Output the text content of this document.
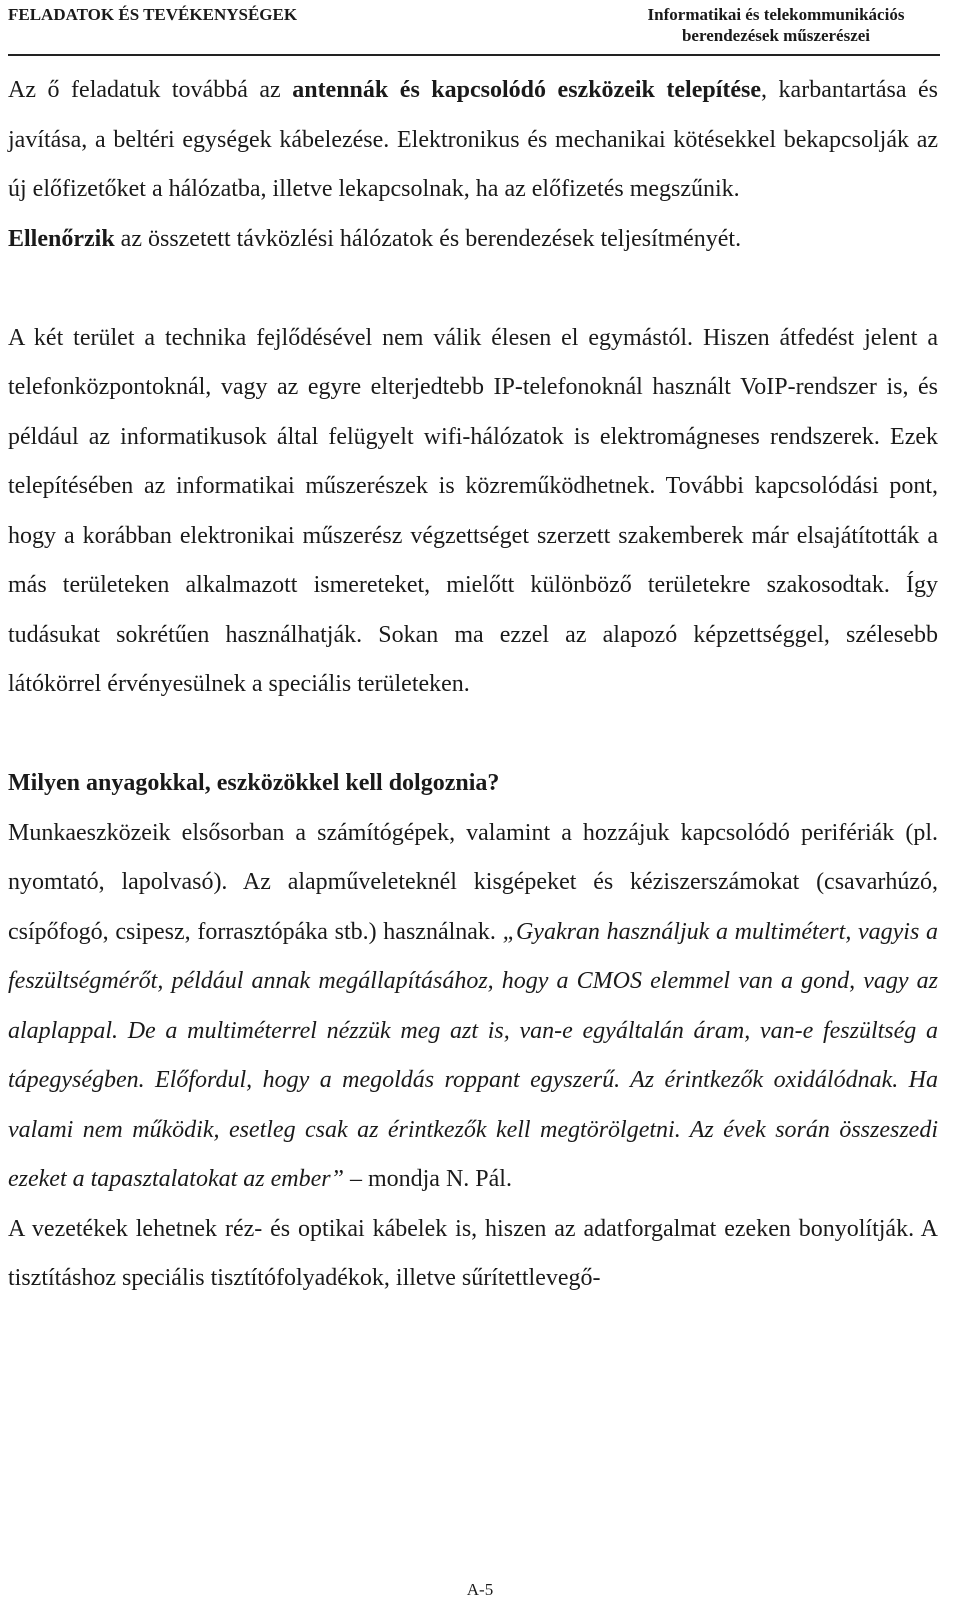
FELADATOK ÉS TEVÉKENYSÉGEK	Informatikai és telekommunikációs
berendezések műszerészei

Az ő feladatuk továbbá az antennák és kapcsolódó eszközeik telepítése, karbantartása és javítása, a beltéri egységek kábelezése. Elektronikus és mechanikai kötésekkel bekapcsolják az új előfizetőket a hálózatba, illetve lekapcsolnak, ha az előfizetés megszűnik.

Ellenőrzik az összetett távközlési hálózatok és berendezések teljesítményét.

A két terület a technika fejlődésével nem válik élesen el egymástól. Hiszen átfedést jelent a telefonközpontoknál, vagy az egyre elterjedtebb IP-telefonoknál használt VoIP-rendszer is, és például az informatikusok által felügyelt wifi-hálózatok is elektromágneses rendszerek. Ezek telepítésében az informatikai műszerészek is közreműködhetnek. További kapcsolódási pont, hogy a korábban elektronikai műszerész végzettséget szerzett szakemberek már elsajátították a más területeken alkalmazott ismereteket, mielőtt különböző területekre szakosodtak. Így tudásukat sokrétűen használhatják. Sokan ma ezzel az alapozó képzettséggel, szélesebb látókörrel érvényesülnek a speciális területeken.

Milyen anyagokkal, eszközökkel kell dolgoznia?

Munkaeszközeik elsősorban a számítógépek, valamint a hozzájuk kapcsolódó perifériák (pl. nyomtató, lapolvasó). Az alapműveleteknél kisgépeket és kéziszerszámokat (csavarhúzó, csípőfogó, csipesz, forrasztópáka stb.) használnak. „Gyakran használjuk a multimétert, vagyis a feszültségmérőt, például annak megállapításához, hogy a CMOS elemmel van a gond, vagy az alaplappal. De a multiméterrel nézzük meg azt is, van-e egyáltalán áram, van-e feszültség a tápegységben. Előfordul, hogy a megoldás roppant egyszerű. Az érintkezők oxidálódnak. Ha valami nem működik, esetleg csak az érintkezők kell megtörölgetni. Az évek során összeszedi ezeket a tapasztalatokat az ember” – mondja N. Pál.

A vezetékek lehetnek réz- és optikai kábelek is, hiszen az adatforgalmat ezeken bonyolítják. A tisztításhoz speciális tisztítófolyadékok, illetve sűrítettlevegő-

A-5
